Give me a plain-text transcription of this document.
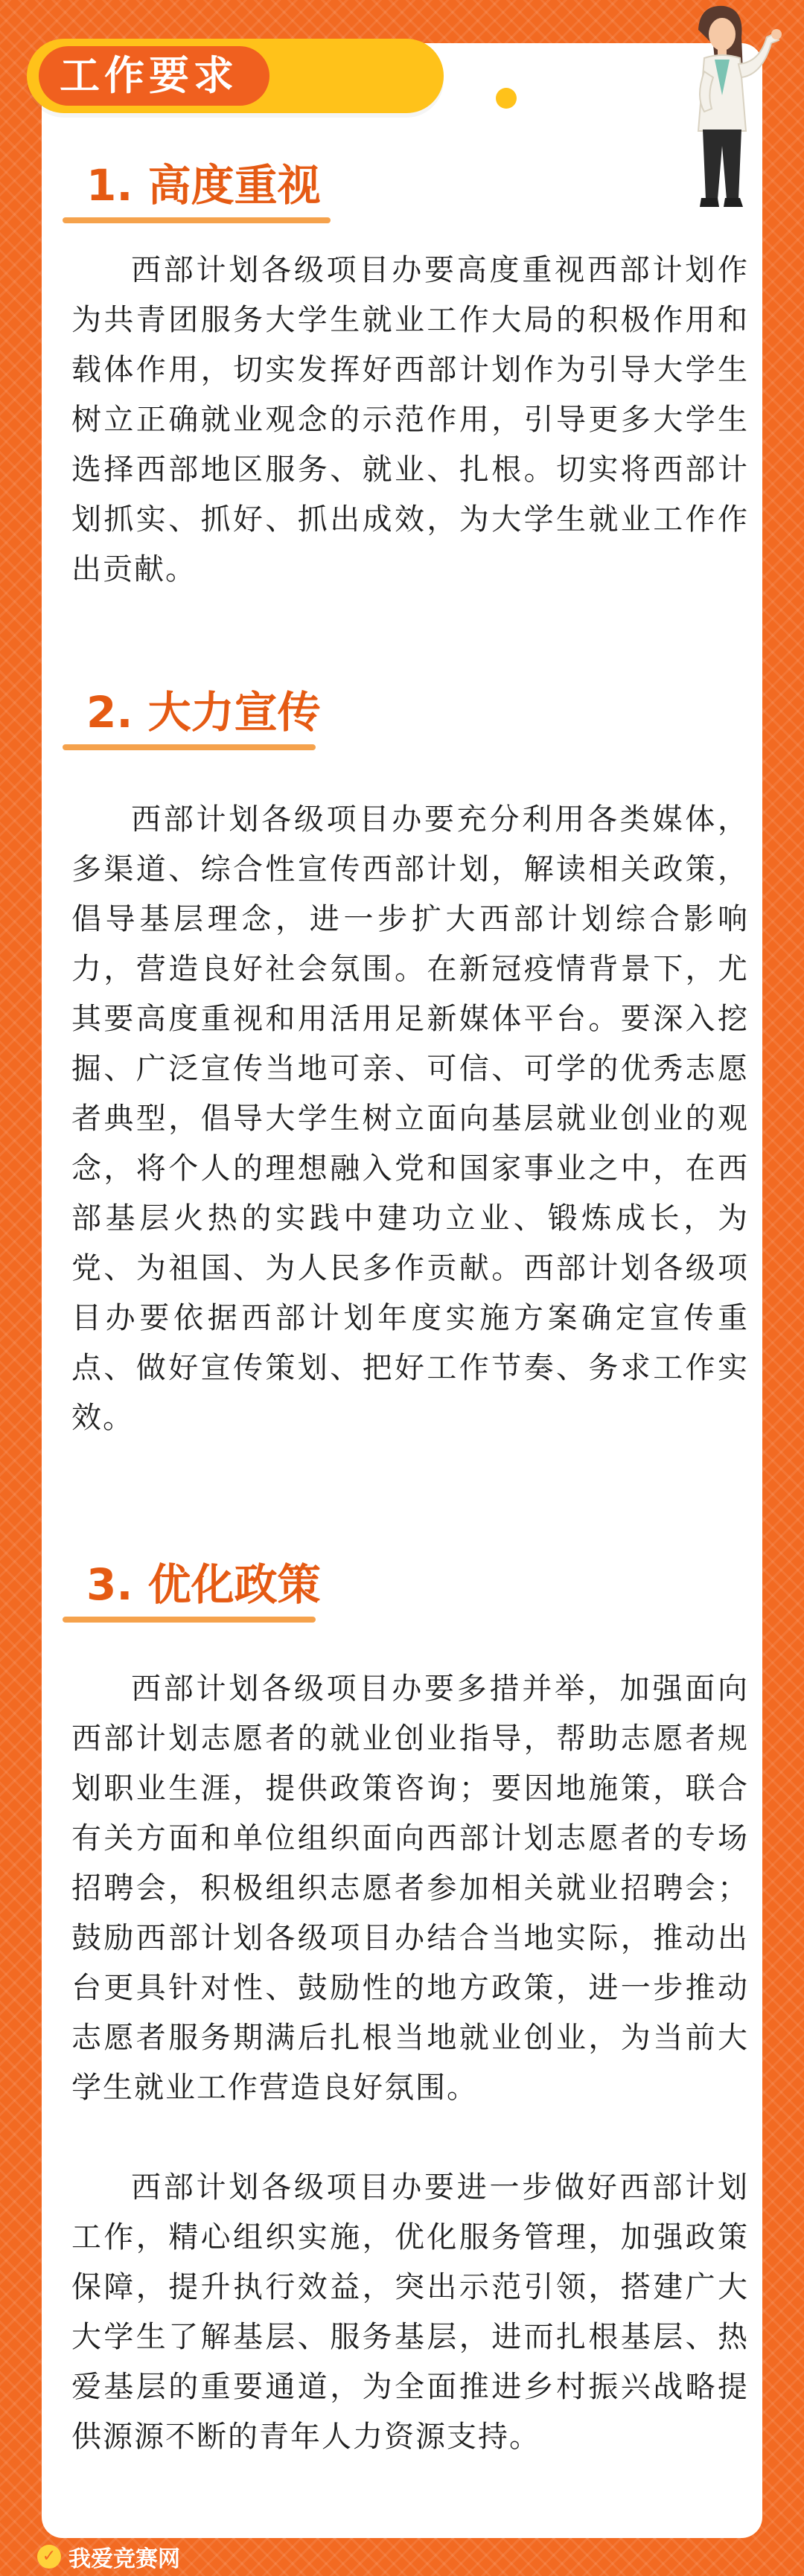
工作要求
1. 高度重视

西部计划各级项目办要高度重视西部计划作为共青团服务大学生就业工作大局的积极作用和载体作用，切实发挥好西部计划作为引导大学生树立正确就业观念的示范作用，引导更多大学生选择西部地区服务、就业、扎根。切实将西部计划抓实、抓好、抓出成效，为大学生就业工作作出贡献。

2. 大力宣传

西部计划各级项目办要充分利用各类媒体，多渠道、综合性宣传西部计划，解读相关政策，倡导基层理念，进一步扩大西部计划综合影响力，营造良好社会氛围。在新冠疫情背景下，尤其要高度重视和用活用足新媒体平台。要深入挖掘、广泛宣传当地可亲、可信、可学的优秀志愿者典型，倡导大学生树立面向基层就业创业的观念，将个人的理想融入党和国家事业之中，在西部基层火热的实践中建功立业、锻炼成长，为党、为祖国、为人民多作贡献。西部计划各级项目办要依据西部计划年度实施方案确定宣传重点、做好宣传策划、把好工作节奏、务求工作实效。

3. 优化政策

西部计划各级项目办要多措并举，加强面向西部计划志愿者的就业创业指导，帮助志愿者规划职业生涯，提供政策咨询；要因地施策，联合有关方面和单位组织面向西部计划志愿者的专场招聘会，积极组织志愿者参加相关就业招聘会；鼓励西部计划各级项目办结合当地实际，推动出台更具针对性、鼓励性的地方政策，进一步推动志愿者服务期满后扎根当地就业创业，为当前大学生就业工作营造良好氛围。

西部计划各级项目办要进一步做好西部计划工作，精心组织实施，优化服务管理，加强政策保障，提升执行效益，突出示范引领，搭建广大大学生了解基层、服务基层，进而扎根基层、热爱基层的重要通道，为全面推进乡村振兴战略提供源源不断的青年人力资源支持。

✓ 我爱竞赛网
